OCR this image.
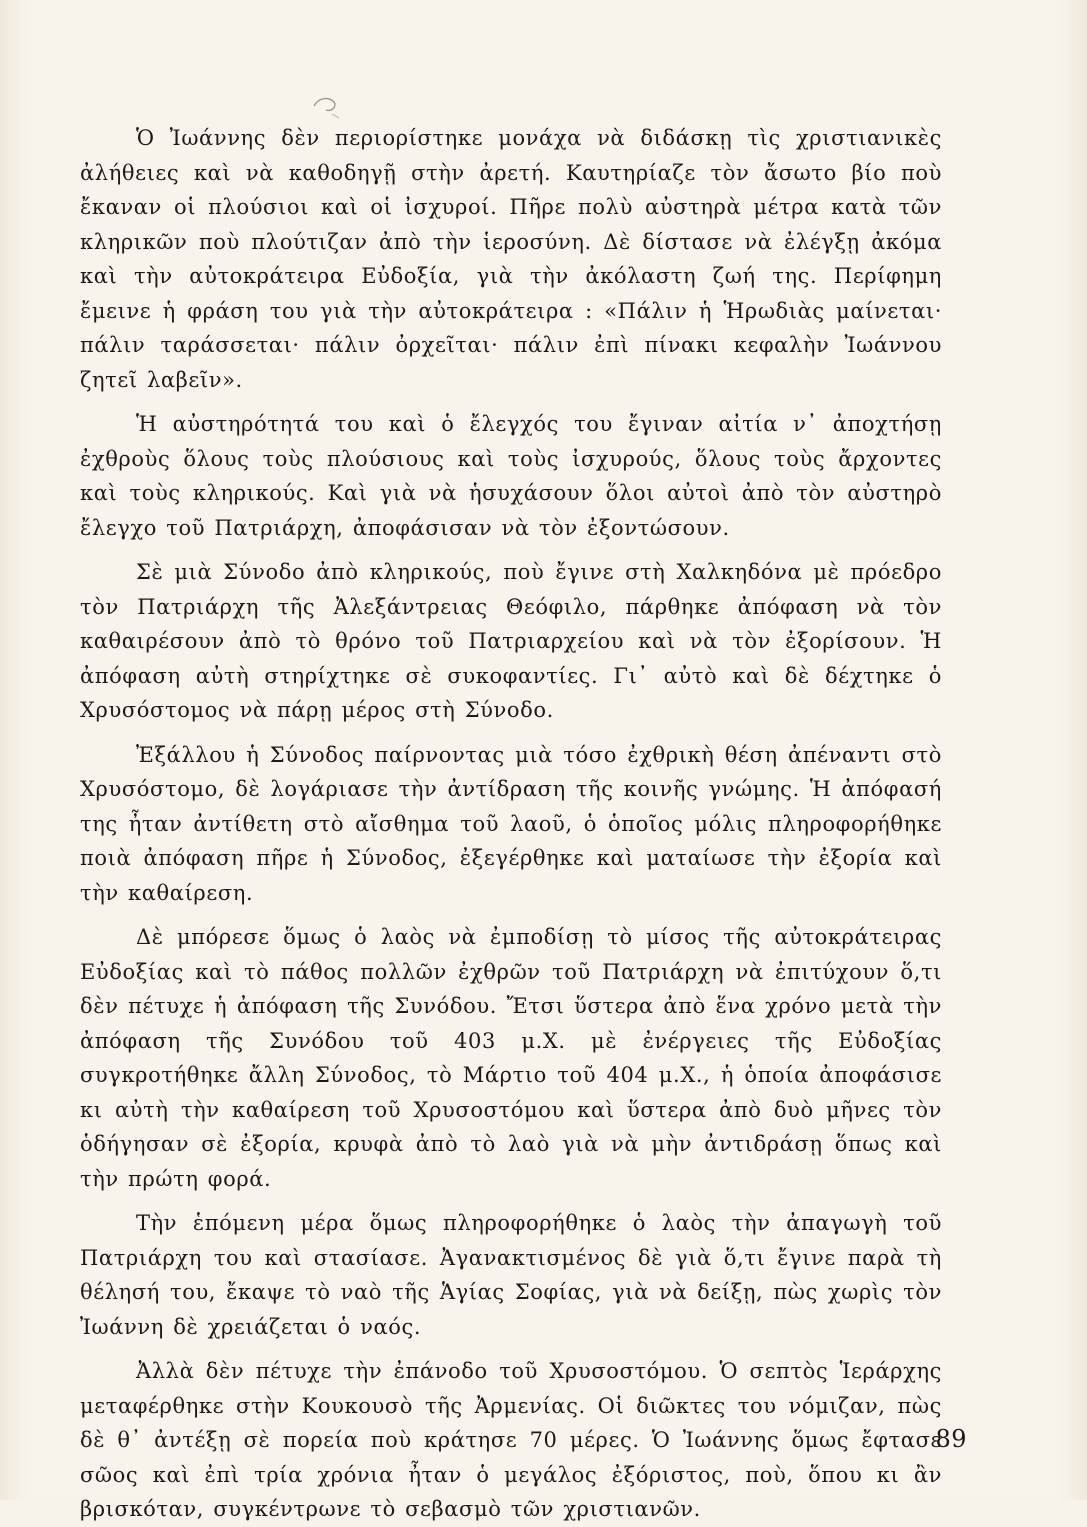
Ὁ Ἰωάννης δὲν περιορίστηκε μονάχα νὰ διδάσκῃ τὶς χριστιανικὲς ἀλήθειες καὶ νὰ καθοδηγῇ στὴν ἀρετή. Καυτηρίαζε τὸν ἄσωτο βίο ποὺ ἔκαναν οἱ πλούσιοι καὶ οἱ ἰσχυροί. Πῆρε πολὺ αὐστηρὰ μέτρα κατὰ τῶν κληρικῶν ποὺ πλούτιζαν ἀπὸ τὴν ἱεροσύνη. Δὲ δίστασε νὰ ἐλέγξῃ ἀκόμα καὶ τὴν αὐτοκράτειρα Εὐδοξία, γιὰ τὴν ἀκόλαστη ζωή της. Περίφημη ἔμεινε ἡ φράση του γιὰ τὴν αὐτοκράτειρα : «Πάλιν ἡ Ἡρωδιὰς μαίνεται· πάλιν ταράσσεται· πάλιν ὀρχεῖται· πάλιν ἐπὶ πίνακι κεφαλὴν Ἰωάννου ζητεῖ λαβεῖν».

Ἡ αὐστηρότητά του καὶ ὁ ἔλεγχός του ἔγιναν αἰτία ν᾽ ἀποχτήσῃ ἐχθροὺς ὅλους τοὺς πλούσιους καὶ τοὺς ἰσχυρούς, ὅλους τοὺς ἄρχοντες καὶ τοὺς κληρικούς. Καὶ γιὰ νὰ ἡσυχάσουν ὅλοι αὐτοὶ ἀπὸ τὸν αὐστηρὸ ἔλεγχο τοῦ Πατριάρχη, ἀποφάσισαν νὰ τὸν ἐξοντώσουν.

Σὲ μιὰ Σύνοδο ἀπὸ κληρικούς, ποὺ ἔγινε στὴ Χαλκηδόνα μὲ πρόεδρο τὸν Πατριάρχη τῆς Ἀλεξάντρειας Θεόφιλο, πάρθηκε ἀπόφαση νὰ τὸν καθαιρέσουν ἀπὸ τὸ θρόνο τοῦ Πατριαρχείου καὶ νὰ τὸν ἐξορίσουν. Ἡ ἀπόφαση αὐτὴ στηρίχτηκε σὲ συκοφαντίες. Γι᾽ αὐτὸ καὶ δὲ δέχτηκε ὁ Χρυσόστομος νὰ πάρῃ μέρος στὴ Σύνοδο.

Ἐξάλλου ἡ Σύνοδος παίρνοντας μιὰ τόσο ἐχθρικὴ θέση ἀπέναντι στὸ Χρυσόστομο, δὲ λογάριασε τὴν ἀντίδραση τῆς κοινῆς γνώμης. Ἡ ἀπόφασή της ἦταν ἀντίθετη στὸ αἴσθημα τοῦ λαοῦ, ὁ ὁποῖος μόλις πληροφορήθηκε ποιὰ ἀπόφαση πῆρε ἡ Σύνοδος, ἐξεγέρθηκε καὶ ματαίωσε τὴν ἐξορία καὶ τὴν καθαίρεση.

Δὲ μπόρεσε ὅμως ὁ λαὸς νὰ ἐμποδίσῃ τὸ μίσος τῆς αὐτοκράτειρας Εὐδοξίας καὶ τὸ πάθος πολλῶν ἐχθρῶν τοῦ Πατριάρχη νὰ ἐπιτύχουν ὅ,τι δὲν πέτυχε ἡ ἀπόφαση τῆς Συνόδου. Ἔτσι ὕστερα ἀπὸ ἕνα χρόνο μετὰ τὴν ἀπόφαση τῆς Συνόδου τοῦ 403 μ.Χ. μὲ ἐνέργειες τῆς Εὐδοξίας συγκροτήθηκε ἄλλη Σύνοδος, τὸ Μάρτιο τοῦ 404 μ.Χ., ἡ ὁποία ἀποφάσισε κι αὐτὴ τὴν καθαίρεση τοῦ Χρυσοστόμου καὶ ὕστερα ἀπὸ δυὸ μῆνες τὸν ὁδήγησαν σὲ ἐξορία, κρυφὰ ἀπὸ τὸ λαὸ γιὰ νὰ μὴν ἀντιδράσῃ ὅπως καὶ τὴν πρώτη φορά.

Τὴν ἑπόμενη μέρα ὅμως πληροφορήθηκε ὁ λαὸς τὴν ἀπαγωγὴ τοῦ Πατριάρχη του καὶ στασίασε. Ἀγανακτισμένος δὲ γιὰ ὅ,τι ἔγινε παρὰ τὴ θέλησή του, ἔκαψε τὸ ναὸ τῆς Ἁγίας Σοφίας, γιὰ νὰ δείξῃ, πὼς χωρὶς τὸν Ἰωάννη δὲ χρειάζεται ὁ ναός.

Ἀλλὰ δὲν πέτυχε τὴν ἐπάνοδο τοῦ Χρυσοστόμου. Ὁ σεπτὸς Ἱεράρχης μεταφέρθηκε στὴν Κουκουσὸ τῆς Ἀρμενίας. Οἱ διῶκτες του νόμιζαν, πὼς δὲ θ᾽ ἀντέξῃ σὲ πορεία ποὺ κράτησε 70 μέρες. Ὁ Ἰωάννης ὅμως ἔφτασε σῶος καὶ ἐπὶ τρία χρόνια ἦταν ὁ μεγάλος ἐξόριστος, ποὺ, ὅπου κι ἂν βρισκόταν, συγκέντρωνε τὸ σεβασμὸ τῶν χριστιανῶν.

89
